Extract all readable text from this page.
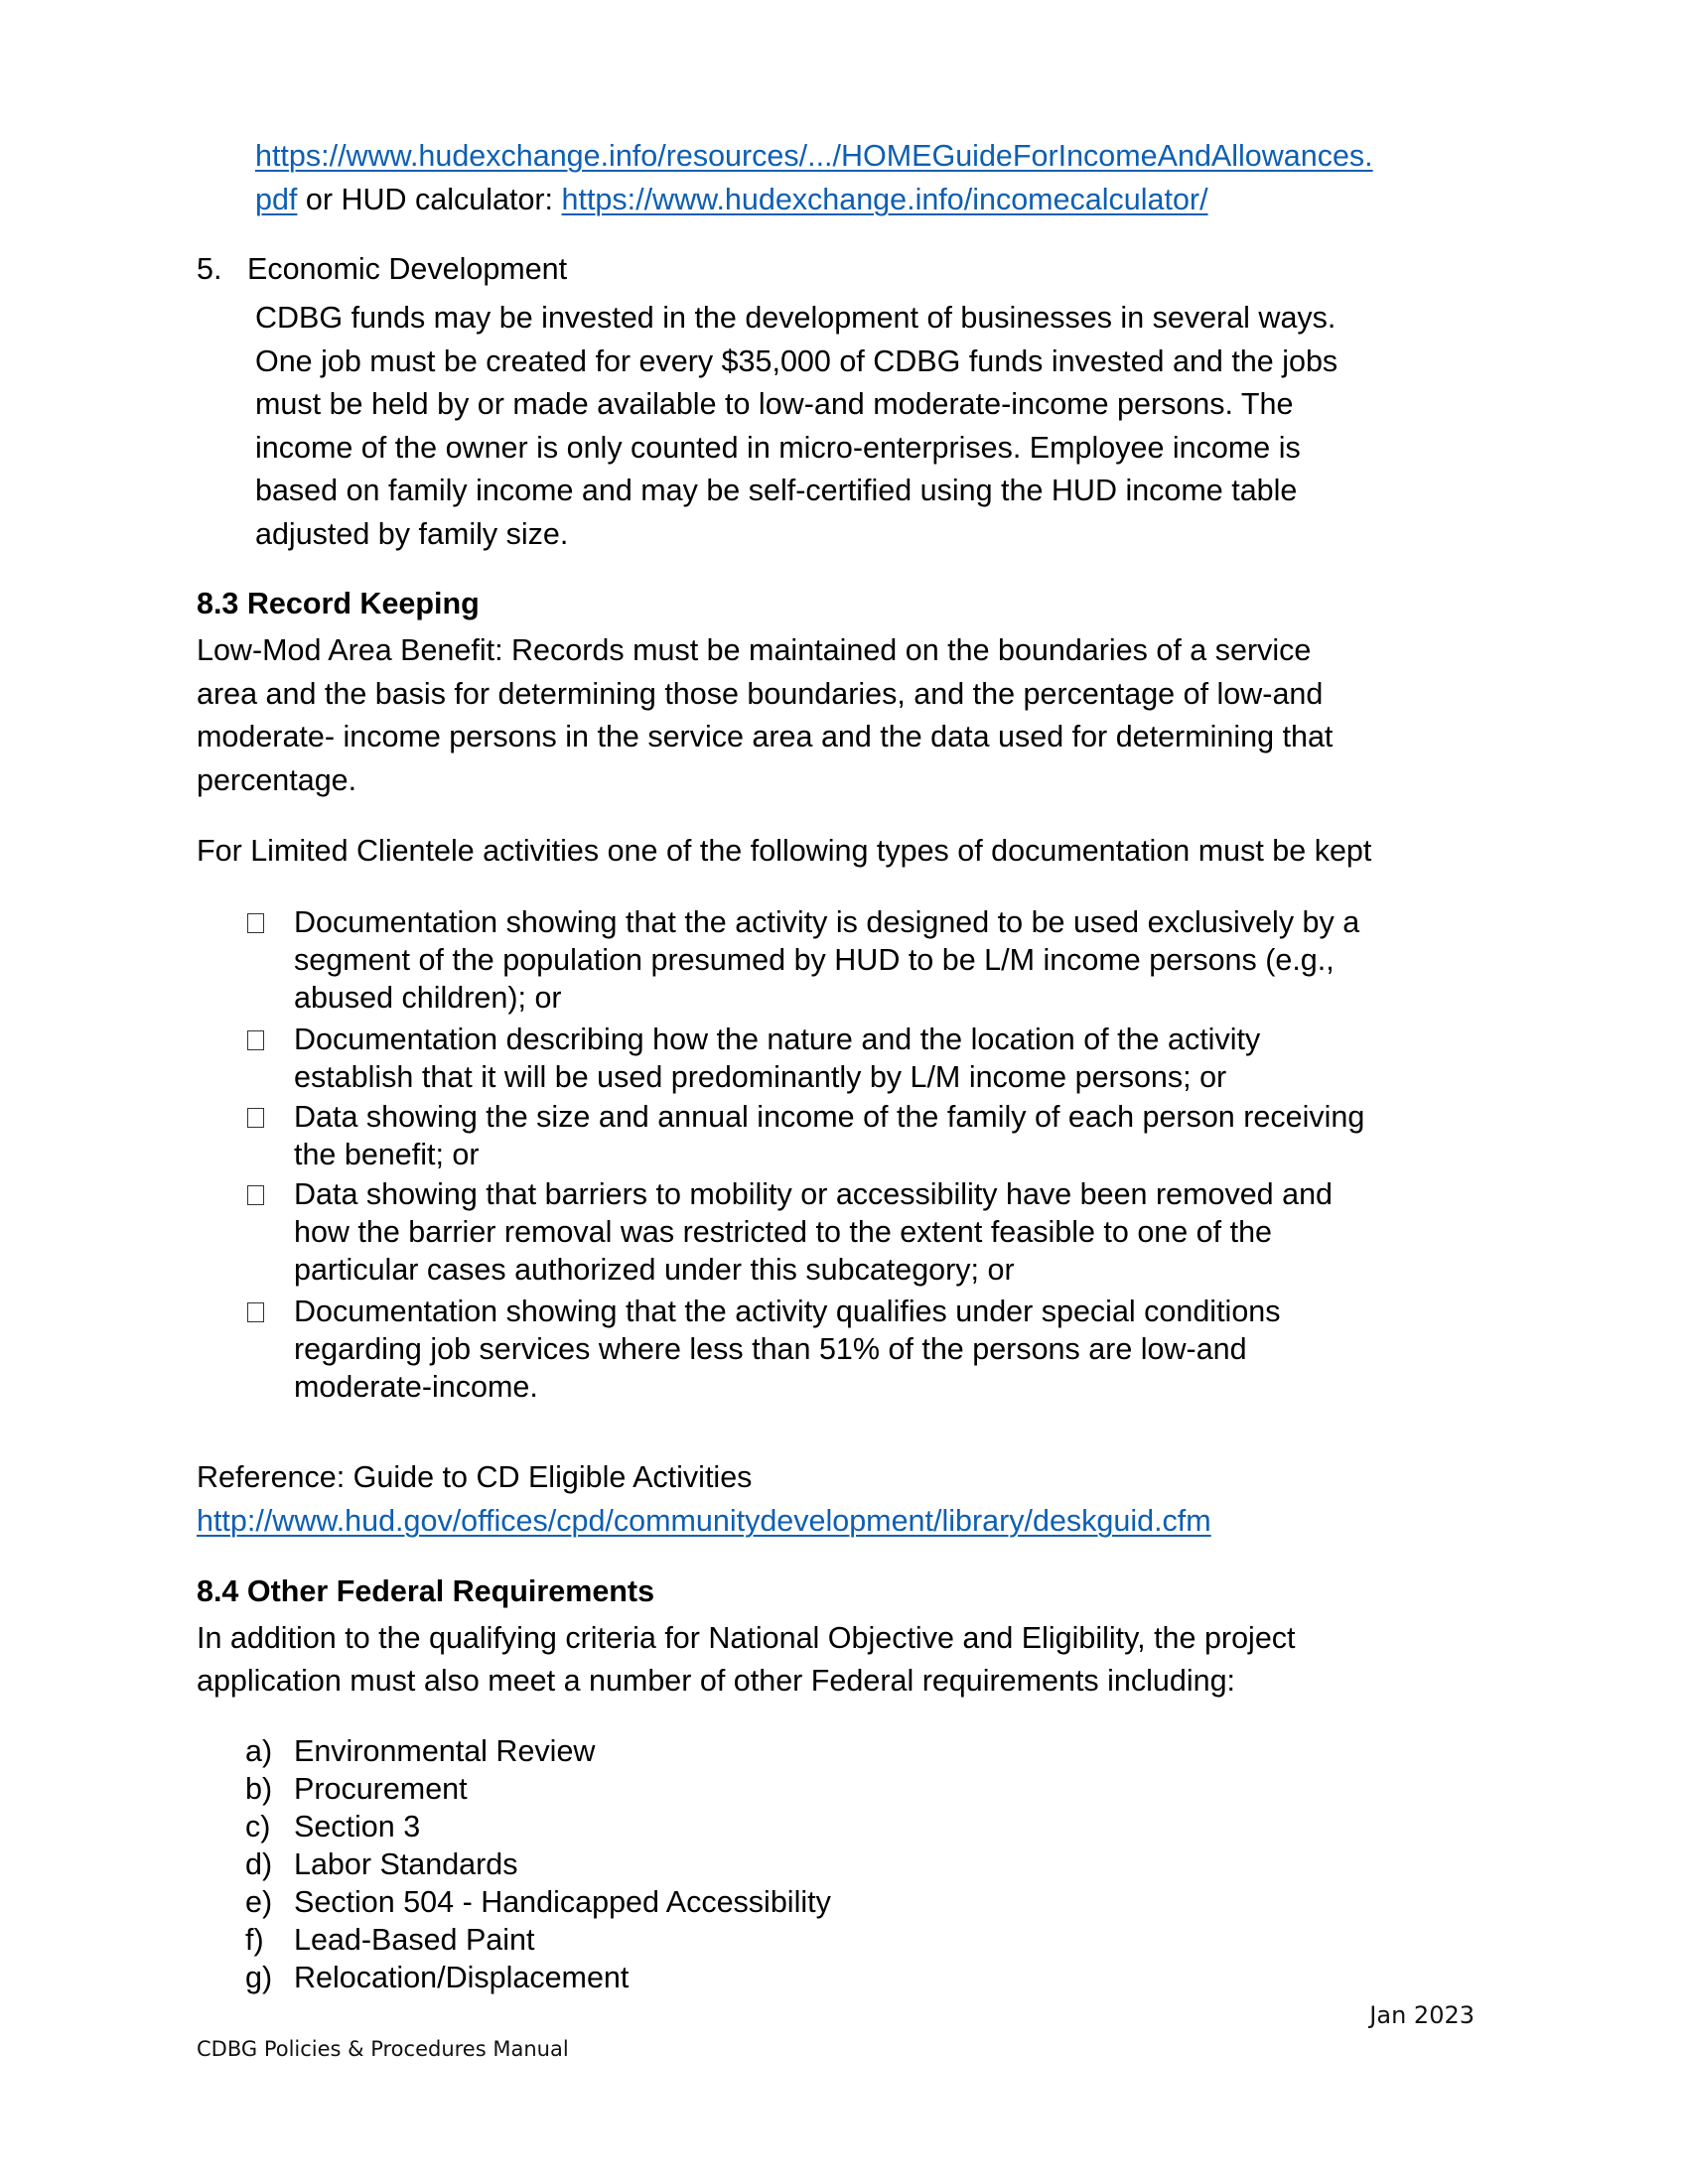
https://www.hudexchange.info/resources/.../HOMEGuideForIncomeAndAllowances.
pdf or HUD calculator: https://www.hudexchange.info/incomecalculator/
5. Economic Development
CDBG funds may be invested in the development of businesses in several ways.
One job must be created for every $35,000 of CDBG funds invested and the jobs
must be held by or made available to low-and moderate-income persons. The
income of the owner is only counted in micro-enterprises. Employee income is
based on family income and may be self-certified using the HUD income table
adjusted by family size.
8.3 Record Keeping
Low-Mod Area Benefit: Records must be maintained on the boundaries of a service
area and the basis for determining those boundaries, and the percentage of low-and
moderate- income persons in the service area and the data used for determining that
percentage.
For Limited Clientele activities one of the following types of documentation must be kept
Documentation showing that the activity is designed to be used exclusively by a
segment of the population presumed by HUD to be L/M income persons (e.g.,
abused children); or
Documentation describing how the nature and the location of the activity
establish that it will be used predominantly by L/M income persons; or
Data showing the size and annual income of the family of each person receiving
the benefit; or
Data showing that barriers to mobility or accessibility have been removed and
how the barrier removal was restricted to the extent feasible to one of the
particular cases authorized under this subcategory; or
Documentation showing that the activity qualifies under special conditions
regarding job services where less than 51% of the persons are low-and
moderate-income.
Reference: Guide to CD Eligible Activities
http://www.hud.gov/offices/cpd/communitydevelopment/library/deskguid.cfm
8.4 Other Federal Requirements
In addition to the qualifying criteria for National Objective and Eligibility, the project
application must also meet a number of other Federal requirements including:
a) Environmental Review
b) Procurement
c) Section 3
d) Labor Standards
e) Section 504 - Handicapped Accessibility
f) Lead-Based Paint
g) Relocation/Displacement
Jan 2023
CDBG Policies & Procedures Manual
